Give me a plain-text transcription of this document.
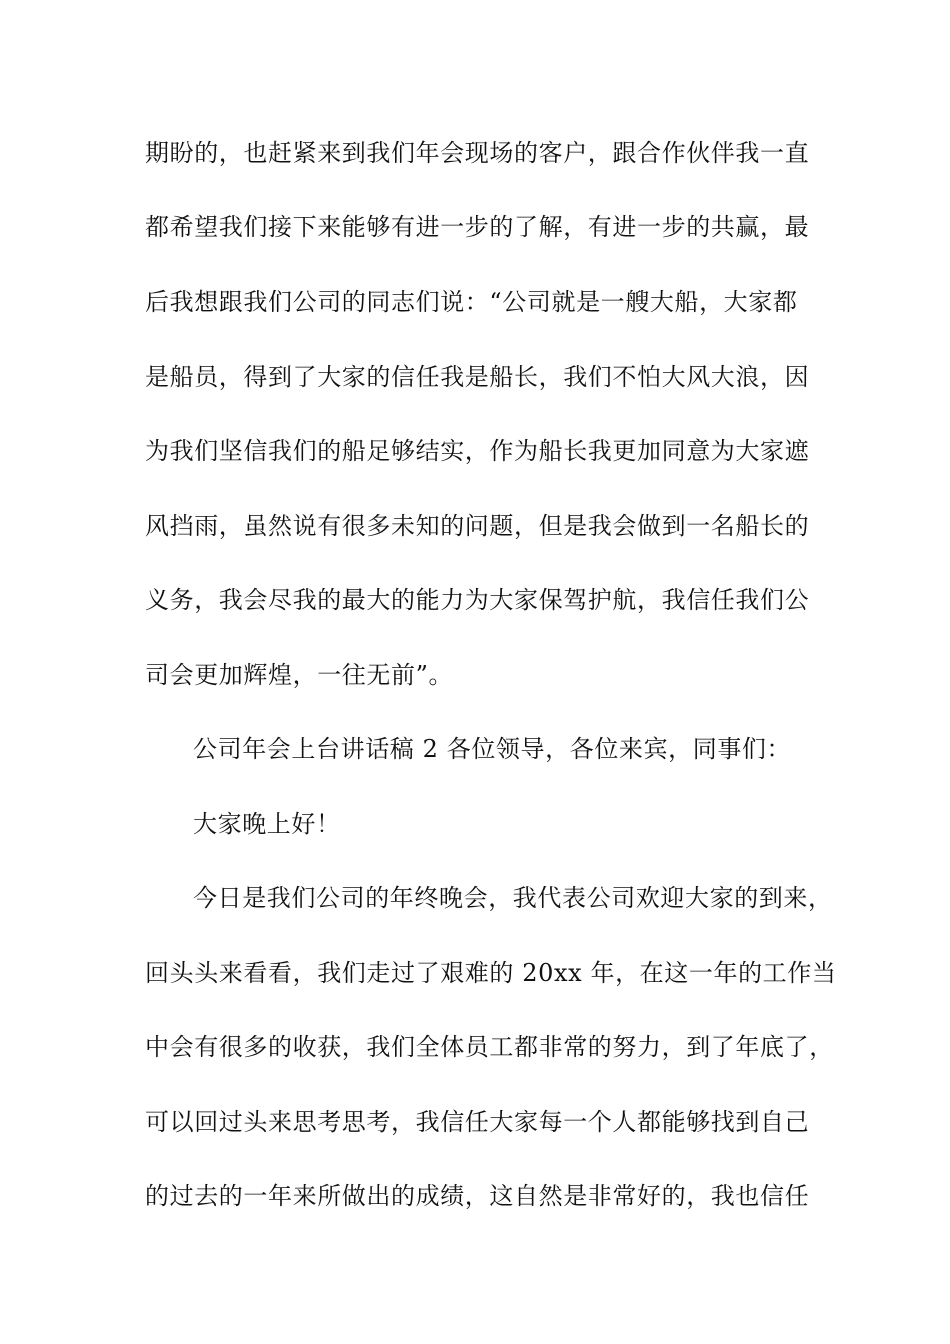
期盼的，也赶紧来到我们年会现场的客户，跟合作伙伴我一直
都希望我们接下来能够有进一步的了解，有进一步的共赢，最
后我想跟我们公司的同志们说：“公司就是一艘大船，大家都
是船员，得到了大家的信任我是船长，我们不怕大风大浪，因
为我们坚信我们的船足够结实，作为船长我更加同意为大家遮
风挡雨，虽然说有很多未知的问题，但是我会做到一名船长的
义务，我会尽我的最大的能力为大家保驾护航，我信任我们公
司会更加辉煌，一往无前”。
公司年会上台讲话稿 2 各位领导，各位来宾，同事们：
大家晚上好！
今日是我们公司的年终晚会，我代表公司欢迎大家的到来，
回头头来看看，我们走过了艰难的 20xx 年，在这一年的工作当
中会有很多的收获，我们全体员工都非常的努力，到了年底了，
可以回过头来思考思考，我信任大家每一个人都能够找到自己
的过去的一年来所做出的成绩，这自然是非常好的，我也信任
